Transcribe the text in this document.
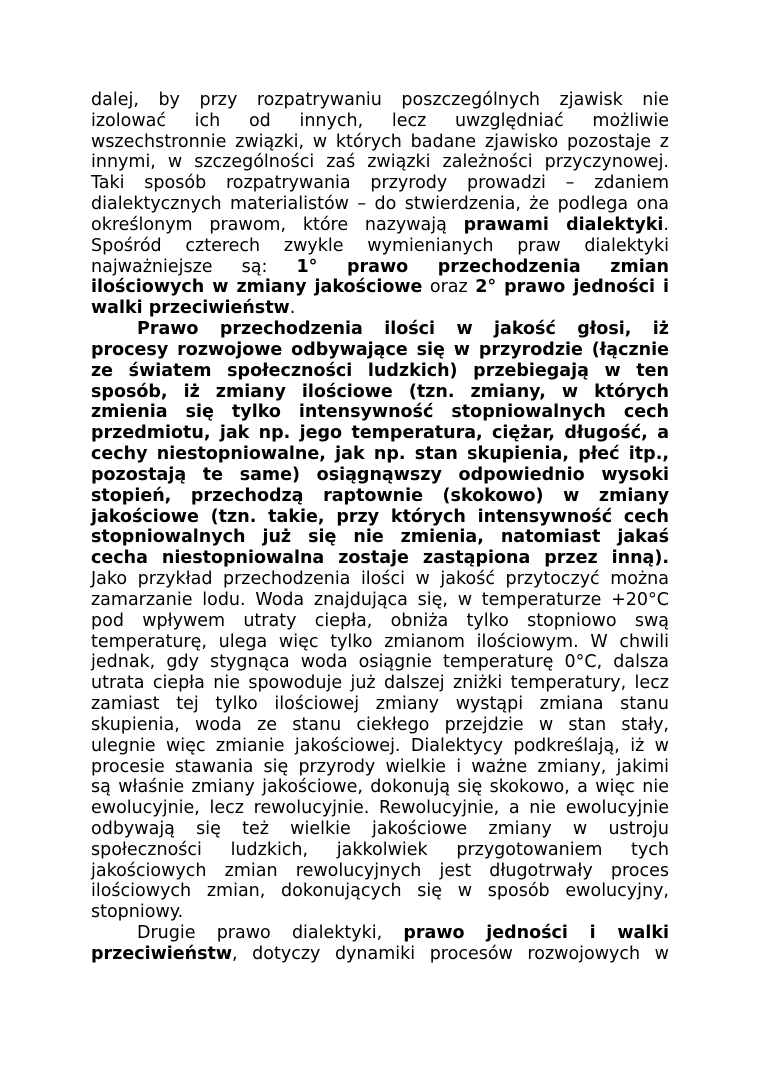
dalej, by przy rozpatrywaniu poszczególnych zjawisk nie
izolować ich od innych, lecz uwzględniać możliwie
wszechstronnie związki, w których badane zjawisko pozostaje z
innymi, w szczególności zaś związki zależności przyczynowej.
Taki sposób rozpatrywania przyrody prowadzi – zdaniem
dialektycznych materialistów – do stwierdzenia, że podlega ona
określonym prawom, które nazywają prawami dialektyki.
Spośród czterech zwykle wymienianych praw dialektyki
najważniejsze są: 1° prawo przechodzenia zmian
ilościowych w zmiany jakościowe oraz 2° prawo jedności i
walki przeciwieństw.
Prawo przechodzenia ilości w jakość głosi, iż
procesy rozwojowe odbywające się w przyrodzie (łącznie
ze światem społeczności ludzkich) przebiegają w ten
sposób, iż zmiany ilościowe (tzn. zmiany, w których
zmienia się tylko intensywność stopniowalnych cech
przedmiotu, jak np. jego temperatura, ciężar, długość, a
cechy niestopniowalne, jak np. stan skupienia, płeć itp.,
pozostają te same) osiągnąwszy odpowiednio wysoki
stopień, przechodzą raptownie (skokowo) w zmiany
jakościowe (tzn. takie, przy których intensywność cech
stopniowalnych już się nie zmienia, natomiast jakaś
cecha niestopniowalna zostaje zastąpiona przez inną).
Jako przykład przechodzenia ilości w jakość przytoczyć można
zamarzanie lodu. Woda znajdująca się, w temperaturze +20°C
pod wpływem utraty ciepła, obniża tylko stopniowo swą
temperaturę, ulega więc tylko zmianom ilościowym. W chwili
jednak, gdy stygnąca woda osiągnie temperaturę 0°C, dalsza
utrata ciepła nie spowoduje już dalszej zniżki temperatury, lecz
zamiast tej tylko ilościowej zmiany wystąpi zmiana stanu
skupienia, woda ze stanu ciekłego przejdzie w stan stały,
ulegnie więc zmianie jakościowej. Dialektycy podkreślają, iż w
procesie stawania się przyrody wielkie i ważne zmiany, jakimi
są właśnie zmiany jakościowe, dokonują się skokowo, a więc nie
ewolucyjnie, lecz rewolucyjnie. Rewolucyjnie, a nie ewolucyjnie
odbywają się też wielkie jakościowe zmiany w ustroju
społeczności ludzkich, jakkolwiek przygotowaniem tych
jakościowych zmian rewolucyjnych jest długotrwały proces
ilościowych zmian, dokonujących się w sposób ewolucyjny,
stopniowy.
Drugie prawo dialektyki, prawo jedności i walki
przeciwieństw, dotyczy dynamiki procesów rozwojowych w
